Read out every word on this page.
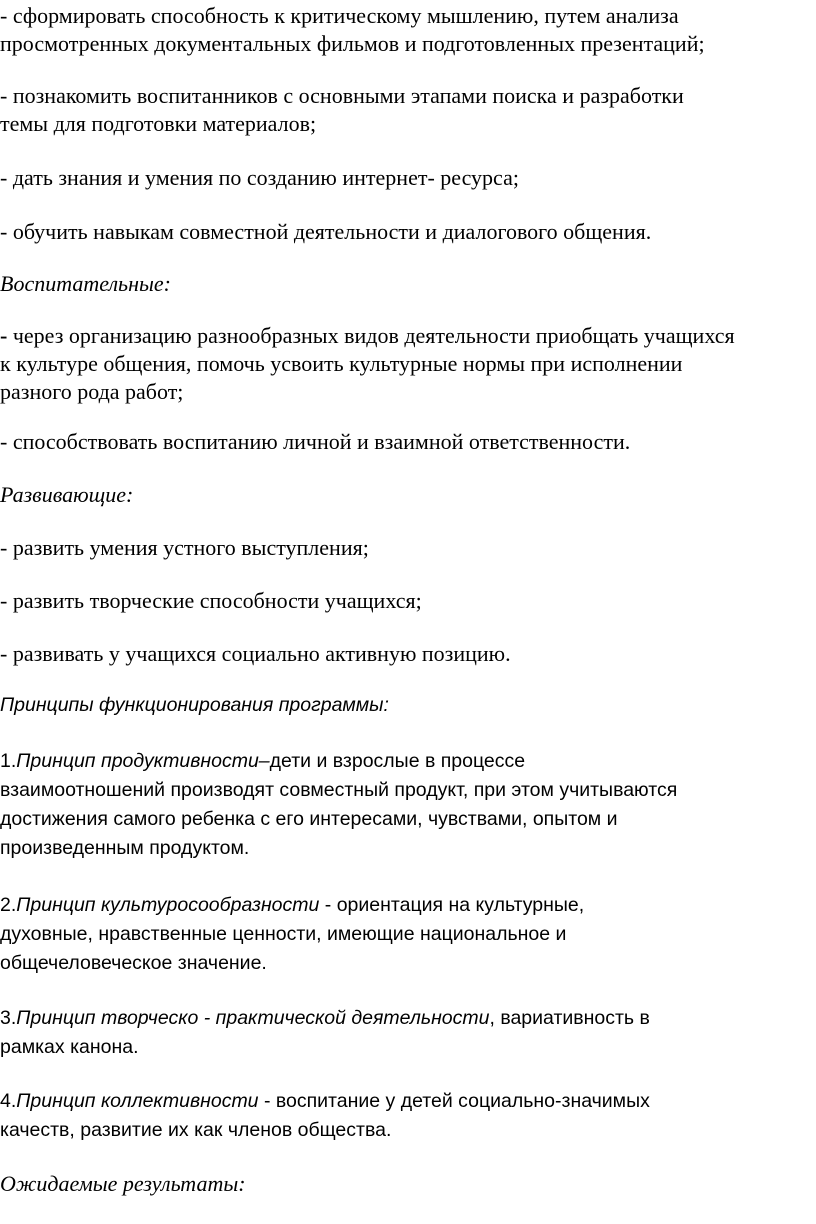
- сформировать способность к критическому мышлению, путем анализа
просмотренных документальных фильмов и подготовленных презентаций;

- познакомить воспитанников с основными этапами поиска и разработки
темы для подготовки материалов;

- дать знания и умения по созданию интернет- ресурса;

- обучить навыкам совместной деятельности и диалогового общения.

Воспитательные:

- через организацию разнообразных видов деятельности приобщать учащихся
к культуре общения, помочь усвоить культурные нормы при исполнении
разного рода работ;

- способствовать воспитанию личной и взаимной ответственности.

Развивающие:

- развить умения устного выступления;

- развить творческие способности учащихся;

- развивать у учащихся социально активную позицию.

Принципы функционирования программы:

1.Принцип продуктивности–дети и взрослые в процессе
взаимоотношений производят совместный продукт, при этом учитываются
достижения самого ребенка с его интересами, чувствами, опытом и
произведенным продуктом.

2.Принцип культуросообразности - ориентация на культурные,
духовные, нравственные ценности, имеющие национальное и
общечеловеческое значение.

3.Принцип творческо - практической деятельности, вариативность в
рамках канона.

4.Принцип коллективности - воспитание у детей социально-значимых
качеств, развитие их как членов общества.

Ожидаемые результаты:
